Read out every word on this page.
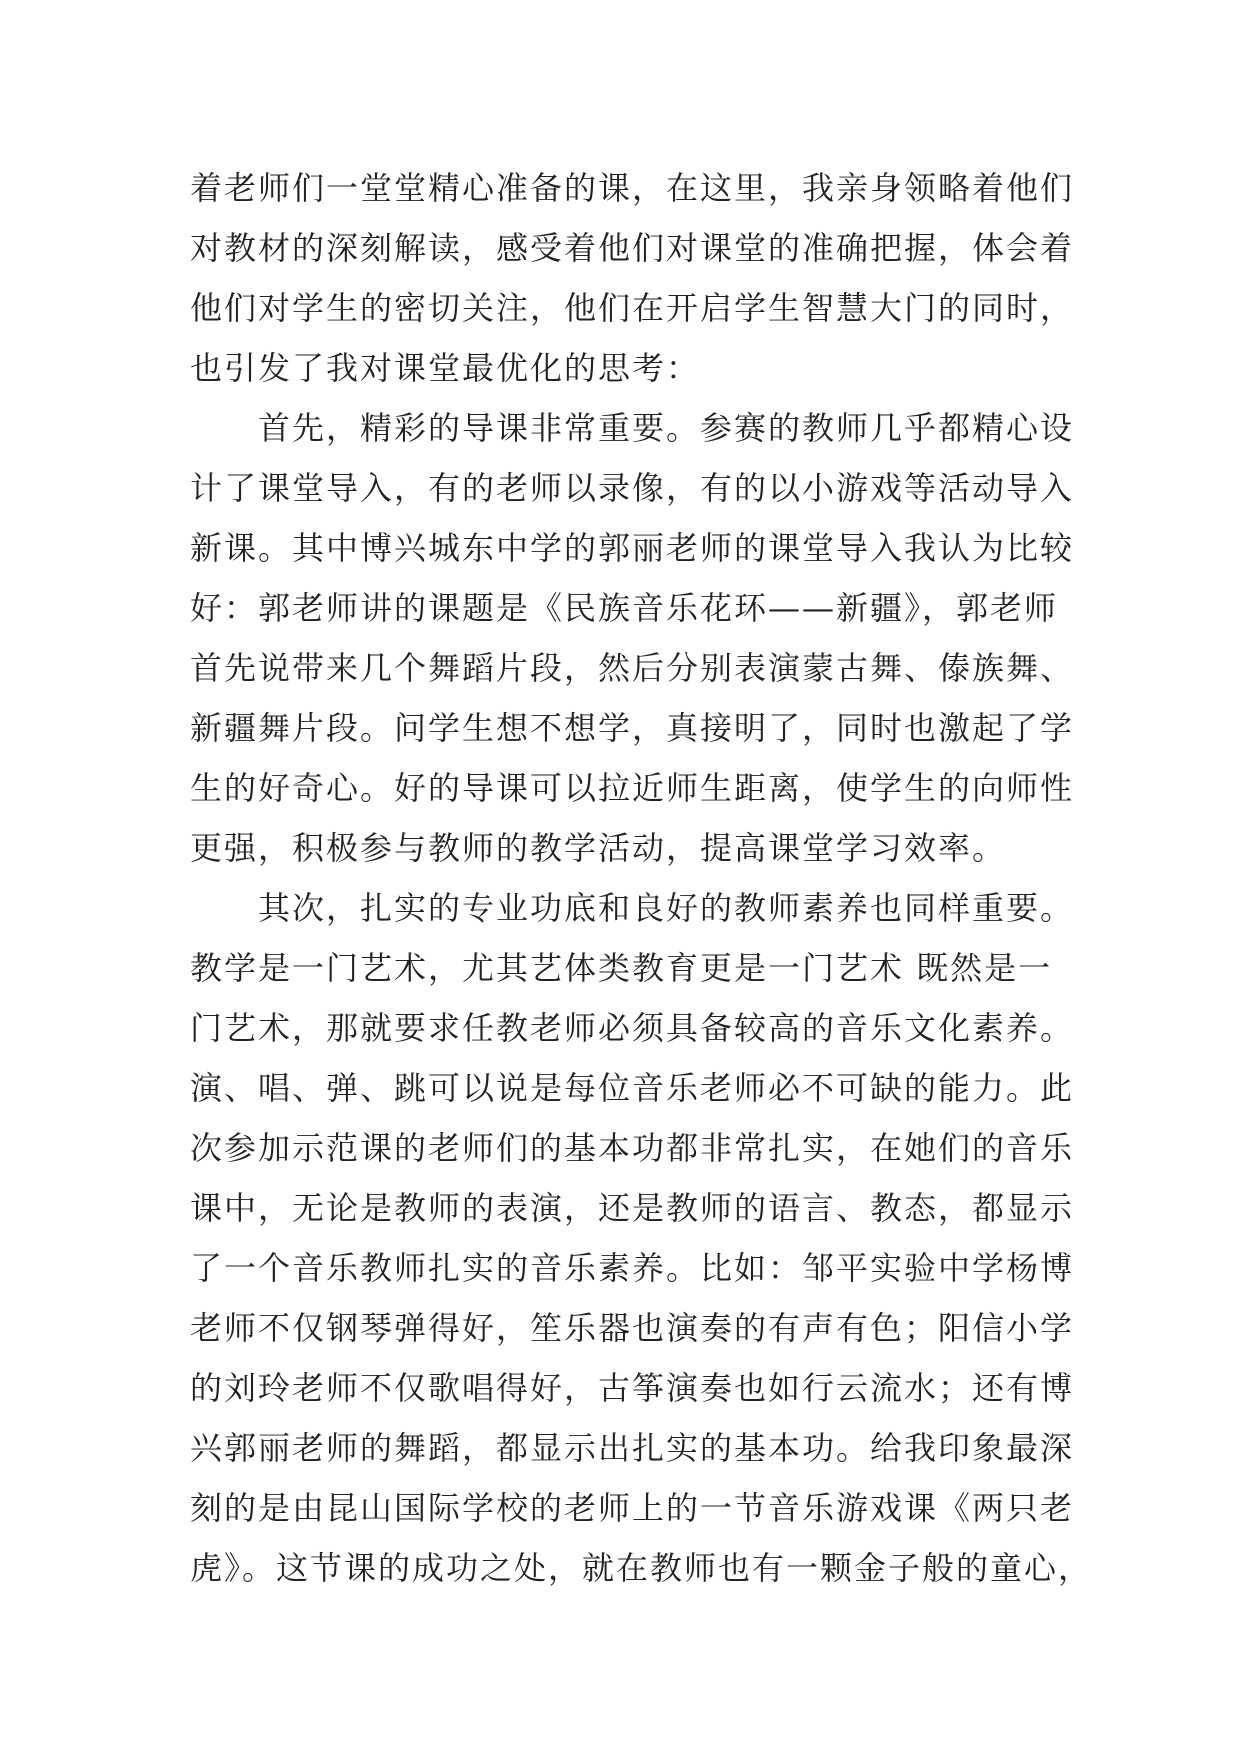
着老师们一堂堂精心准备的课，在这里，我亲身领略着他们
对教材的深刻解读，感受着他们对课堂的准确把握，体会着
他们对学生的密切关注，他们在开启学生智慧大门的同时，
也引发了我对课堂最优化的思考：
　　首先，精彩的导课非常重要。参赛的教师几乎都精心设
计了课堂导入，有的老师以录像，有的以小游戏等活动导入
新课。其中博兴城东中学的郭丽老师的课堂导入我认为比较
好：郭老师讲的课题是《民族音乐花环——新疆》，郭老师
首先说带来几个舞蹈片段，然后分别表演蒙古舞、傣族舞、
新疆舞片段。问学生想不想学，真接明了，同时也激起了学
生的好奇心。好的导课可以拉近师生距离，使学生的向师性
更强，积极参与教师的教学活动，提高课堂学习效率。
　　其次，扎实的专业功底和良好的教师素养也同样重要。
教学是一门艺术，尤其艺体类教育更是一门艺术 既然是一
门艺术，那就要求任教老师必须具备较高的音乐文化素养。
演、唱、弹、跳可以说是每位音乐老师必不可缺的能力。此
次参加示范课的老师们的基本功都非常扎实，在她们的音乐
课中，无论是教师的表演，还是教师的语言、教态，都显示
了一个音乐教师扎实的音乐素养。比如：邹平实验中学杨博
老师不仅钢琴弹得好，笙乐器也演奏的有声有色；阳信小学
的刘玲老师不仅歌唱得好，古筝演奏也如行云流水；还有博
兴郭丽老师的舞蹈，都显示出扎实的基本功。给我印象最深
刻的是由昆山国际学校的老师上的一节音乐游戏课《两只老
虎》。这节课的成功之处，就在教师也有一颗金子般的童心，
